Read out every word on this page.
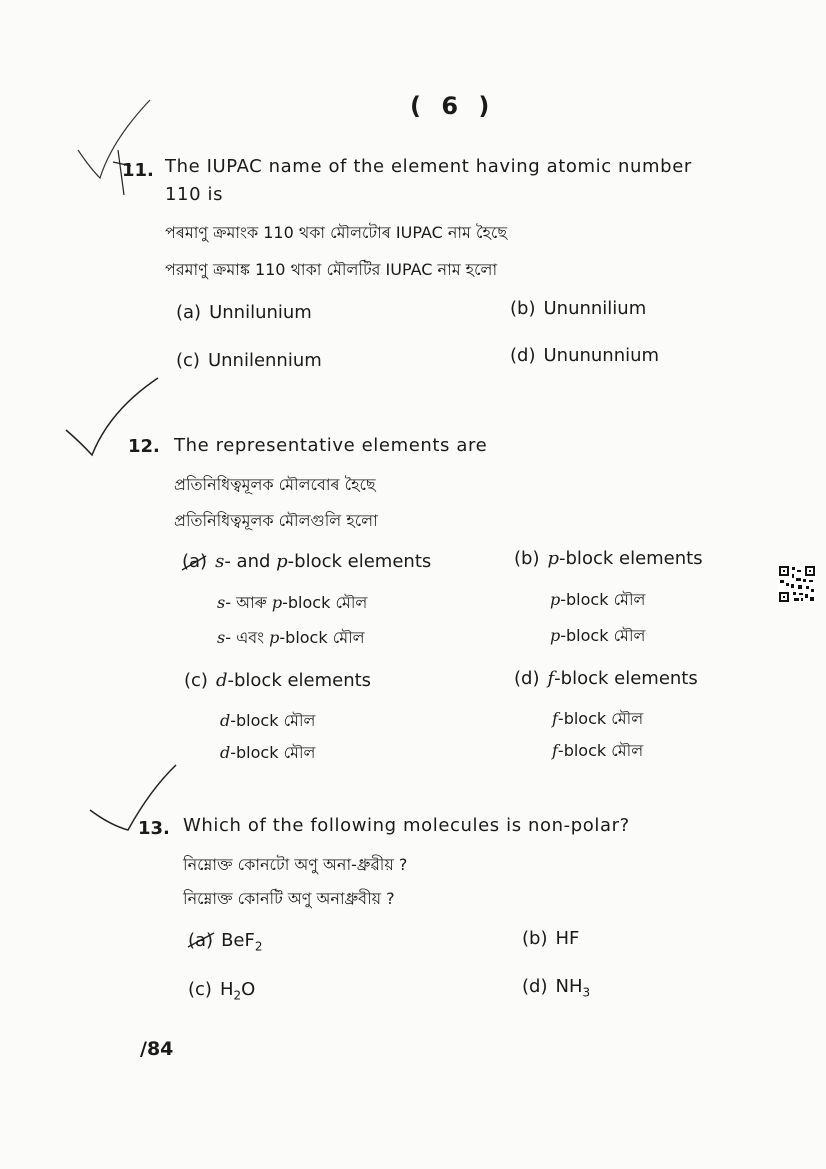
( 6 )
11. The IUPAC name of the element having atomic number
110 is
পৰমাণু ক্ৰমাংক 110 থকা মৌলটোৰ IUPAC নাম হৈছে
পরমাণু ক্রমাঙ্ক 110 থাকা মৌলটির IUPAC নাম হলো
(a) Unnilunium	(b) Ununnilium
(c) Unnilennium	(d) Unununnium
12. The representative elements are
প্ৰতিনিধিত্বমূলক মৌলবোৰ হৈছে
প্রতিনিধিত্বমূলক মৌলগুলি হলো
(a) s- and p-block elements
s- আৰু p-block মৌল
s- এবং p-block মৌল
(b) p-block elements
p-block মৌল
p-block মৌল
(c) d-block elements
d-block মৌল
d-block মৌল
(d) f-block elements
f-block মৌল
f-block মৌল
13. Which of the following molecules is non-polar?
নিম্নোক্ত কোনটো অণু অনা-ধ্ৰুৱীয় ?
নিম্নোক্ত কোনটি অণু অনাধ্রুবীয় ?
(a) BeF$_2$	(b) HF
(c) $H_2O$	(d) $NH_3$
/84
